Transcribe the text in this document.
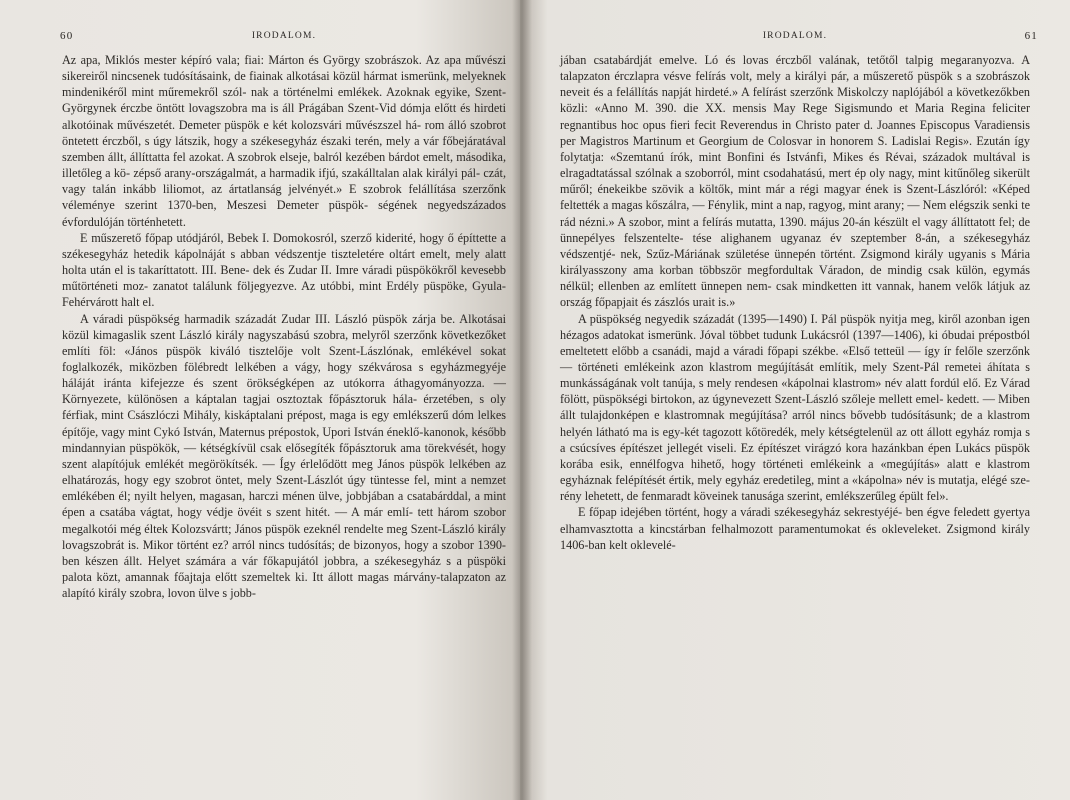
60	IRODALOM.

Az apa, Miklós mester képíró vala; fiai: Márton és György szobrászok. Az apa művészi sikereiről nincsenek tudósításaink, de fiainak alkotásai közül hármat ismerünk, melyeknek mindenikéről mint műremekről szól- nak a történelmi emlékek. Azoknak egyike, Szent-Györgynek érczbe öntött lovagszobra ma is áll Prágában Szent-Vid dómja előtt és hirdeti alkotóinak művészetét. Demeter püspök e két kolozsvári művészszel há- rom álló szobrot öntetett érczből, s úgy látszik, hogy a székesegyház északi terén, mely a vár főbejáratával szemben állt, állíttatta fel azokat. A szobrok elseje, balról kezében bárdot emelt, másodika, illetőleg a kö- zépső arany-országalmát, a harmadik ifjú, szakálltalan alak királyi pál- czát, vagy talán inkább liliomot, az ártatlanság jelvényét.» E szobrok felállítása szerzőnk véleménye szerint 1370-ben, Meszesi Demeter püspök- ségének negyedszázados évfordulóján történhetett.

E műszerető főpap utódjáról, Bebek I. Domokosról, szerző kiderité, hogy ő építtette a székesegyház hetedik kápolnáját s abban védszentje tiszteletére oltárt emelt, mely alatt holta után el is takaríttatott. III. Bene- dek és Zudar II. Imre váradi püspökökről kevesebb műtörténeti moz- zanatot találunk följegyezve. Az utóbbi, mint Erdély püspöke, Gyula- Fehérvárott halt el.

A váradi püspökség harmadik századát Zudar III. László püspök zárja be. Alkotásai közül kimagaslik szent László király nagyszabású szobra, melyről szerzőnk következőket említi föl: «János püspök kiváló tisztelője volt Szent-Lászlónak, emlékével sokat foglalkozék, miközben fölébredt lelkében a vágy, hogy székvárosa s egyházmegyéje háláját iránta kifejezze és szent örökségképen az utókorra áthagyományozza. — Környezete, különösen a káptalan tagjai osztoztak főpásztoruk hála- érzetében, s oly férfiak, mint Császlóczi Mihály, kiskáptalani prépost, maga is egy emlékszerű dóm lelkes építője, vagy mint Cykó István, Maternus prépostok, Upori István éneklő-kanonok, később mindannyian püspökök, — kétségkívül csak elősegíték főpásztoruk ama törekvését, hogy szent alapítójuk emlékét megörökítsék. — Így érlelődött meg János püspök lelkében az elhatározás, hogy egy szobrot öntet, mely Szent-Lászlót úgy tüntesse fel, mint a nemzet emlékében él; nyilt helyen, magasan, harczi ménen ülve, jobbjában a csatabárddal, a mint épen a csatába vágtat, hogy védje övéit s szent hitét. — A már emlí- tett három szobor megalkotói még éltek Kolozsvártt; János püspök ezeknél rendelte meg Szent-László király lovagszobrát is. Mikor történt ez? arról nincs tudósítás; de bizonyos, hogy a szobor 1390-ben készen állt. Helyet számára a vár főkapujától jobbra, a székesegyház s a püspöki palota közt, amannak főajtaja előtt szemeltek ki. Itt állott magas márvány-talapzaton az alapító király szobra, lovon ülve s jobb-

IRODALOM.	61

jában csatabárdját emelve. Ló és lovas érczből valának, tetőtől talpig megaranyozva. A talapzaton érczlapra vésve felírás volt, mely a királyi pár, a műszerető püspök s a szobrászok neveit és a felállítás napját hirdeté.» A felírást szerzőnk Miskolczy naplójából a következőkben közli: «Anno M. 390. die XX. mensis May Rege Sigismundo et Maria Regina feliciter regnantibus hoc opus fieri fecit Reverendus in Christo pater d. Joannes Episcopus Varadiensis per Magistros Martinum et Georgium de Colosvar in honorem S. Ladislai Regis». Ezután így folytatja: «Szemtanú írók, mint Bonfini és Istvánfi, Mikes és Révai, századok multával is elragadtatással szólnak a szoborról, mint csodahatású, mert ép oly nagy, mint kitűnőleg sikerült műről; énekeikbe szövik a költők, mint már a régi magyar ének is Szent-Lászlóról: «Képed feltették a magas kőszálra, — Fénylik, mint a nap, ragyog, mint arany; — Nem elégszik senki te rád nézni.» A szobor, mint a felírás mutatta, 1390. május 20-án készült el vagy állíttatott fel; de ünnepélyes felszentelte- tése alighanem ugyanaz év szeptember 8-án, a székesegyház védszentjé- nek, Szűz-Máriának születése ünnepén történt. Zsigmond király ugyanis s Mária királyasszony ama korban többször megfordultak Váradon, de mindig csak külön, egymás nélkül; ellenben az említett ünnepen nem- csak mindketten itt vannak, hanem velők látjuk az ország főpapjait és zászlós urait is.»

A püspökség negyedik századát (1395—1490) I. Pál püspök nyitja meg, kiről azonban igen hézagos adatokat ismerünk. Jóval többet tudunk Lukácsról (1397—1406), ki óbudai prépostból emeltetett előbb a csanádi, majd a váradi főpapi székbe. «Első tetteül — így ír felőle szerzőnk — történeti emlékeink azon klastrom megújítását említik, mely Szent-Pál remetei áhítata s munkásságának volt tanúja, s mely rendesen «kápolnai klastrom» név alatt fordúl elő. Ez Várad fölött, püspökségi birtokon, az úgynevezett Szent-László szőleje mellett emel- kedett. — Miben állt tulajdonképen e klastromnak megújítása? arról nincs bővebb tudósításunk; de a klastrom helyén látható ma is egy-két tagozott kőtöredék, mely kétségtelenül az ott állott egyház romja s a csúcsíves építészet jellegét viseli. Ez építészet virágzó kora hazánkban épen Lukács püspök korába esik, ennélfogva hihető, hogy történeti emlékeink a «megújítás» alatt e klastrom egyháznak felépítését értik, mely egyház eredetileg, mint a «kápolna» név is mutatja, elégé sze- rény lehetett, de fenmaradt köveinek tanusága szerint, emlékszerűleg épült fel».

E főpap idejében történt, hogy a váradi székesegyház sekrestyéjé- ben égve feledett gyertya elhamvasztotta a kincstárban felhalmozott paramentumokat és okleveleket. Zsigmond király 1406-ban kelt oklevelé-
